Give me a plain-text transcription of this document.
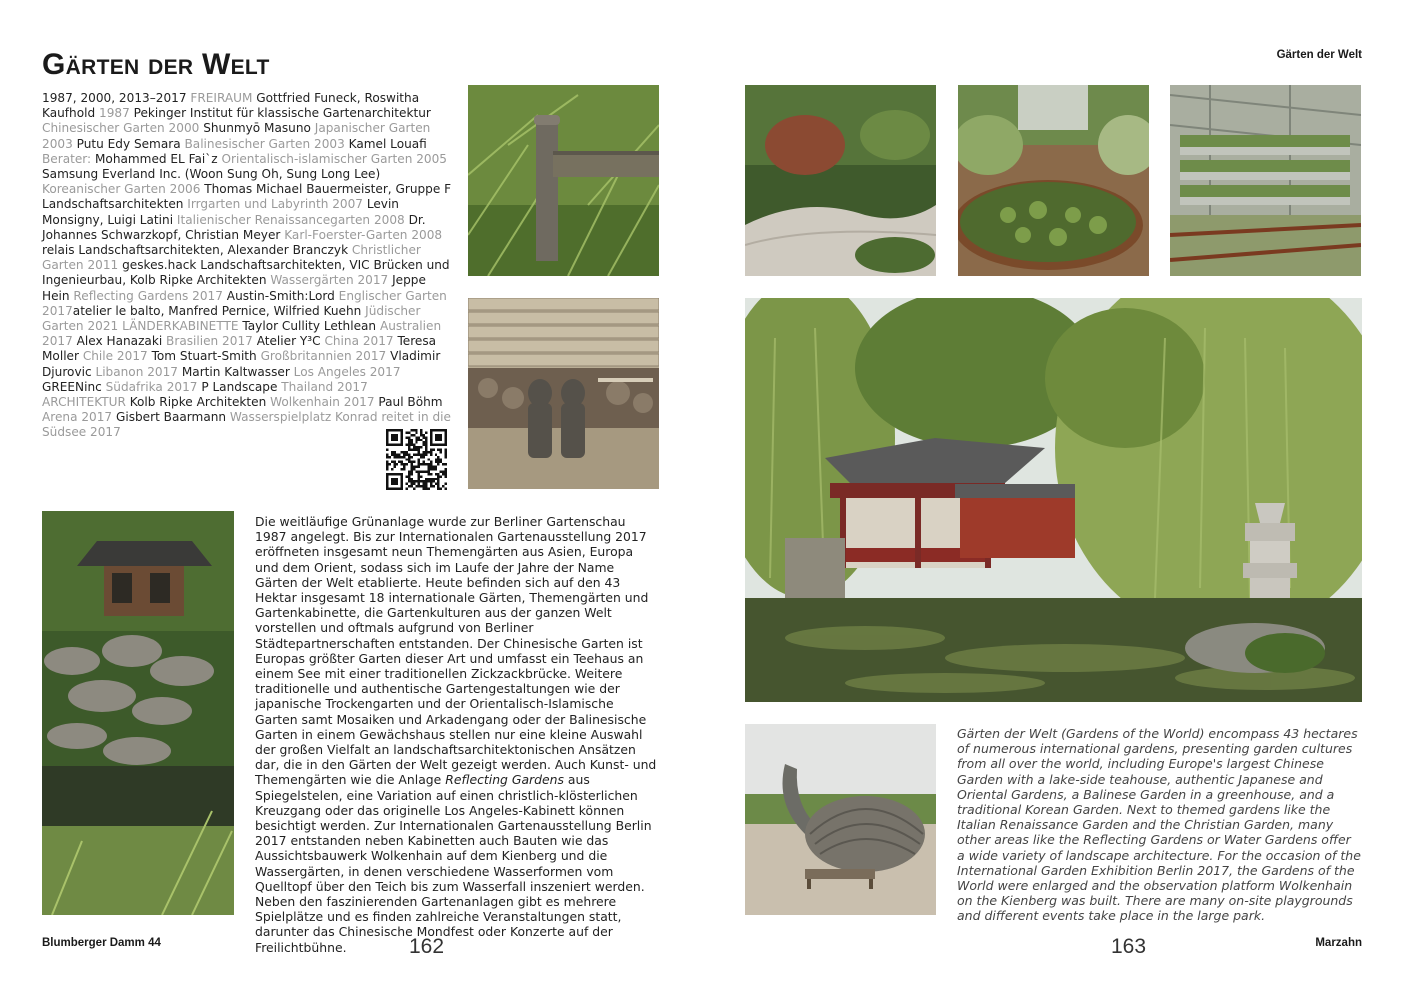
Gärten der Welt

1987, 2000, 2013–2017 FREIRAUM Gottfried Funeck, Roswitha Kaufhold 1987 Pekinger Institut für klassische Gartenarchitektur Chinesischer Garten 2000 Shunmyō Masuno Japanischer Garten 2003 Putu Edy Semara Balinesischer Garten 2003 Kamel Louafi Berater: Mohammed EL Fai`z Orientalisch-islamischer Garten 2005 Samsung Everland Inc. (Woon Sung Oh, Sung Long Lee) Koreanischer Garten 2006 Thomas Michael Bauermeister, Gruppe F Landschaftsarchitekten Irrgarten und Labyrinth 2007 Levin Monsigny, Luigi Latini Italienischer Renaissancegarten 2008 Dr. Johannes Schwarzkopf, Christian Meyer Karl-Foerster-Garten 2008 relais Landschaftsarchitekten, Alexander Branczyk Christlicher Garten 2011 geskes.hack Landschaftsarchitekten, VIC Brücken und Ingenieurbau, Kolb Ripke Architekten Wassergärten 2017 Jeppe Hein Reflecting Gardens 2017 Austin-Smith:Lord Englischer Garten 2017atelier le balto, Manfred Pernice, Wilfried Kuehn Jüdischer Garten 2021 LÄNDERKABINETTE Taylor Cullity Lethlean Australien 2017 Alex Hanazaki Brasilien 2017 Atelier Y³C China 2017 Teresa Moller Chile 2017 Tom Stuart-Smith Großbritannien 2017 Vladimir Djurovic Libanon 2017 Martin Kaltwasser Los Angeles 2017 GREENinc Südafrika 2017 P Landscape Thailand 2017 ARCHITEKTUR Kolb Ripke Architekten Wolkenhain 2017 Paul Böhm Arena 2017 Gisbert Baarmann Wasserspielplatz Konrad reitet in die Südsee 2017

Die weitläufige Grünanlage wurde zur Berliner Gartenschau 1987 angelegt. Bis zur Internationalen Gartenausstellung 2017 eröffneten insgesamt neun Themengärten aus Asien, Europa und dem Orient, sodass sich im Laufe der Jahre der Name Gärten der Welt etablierte. Heute befinden sich auf den 43 Hektar insgesamt 18 internationale Gärten, Themengärten und Gartenkabinette, die Gartenkulturen aus der ganzen Welt vorstellen und oftmals aufgrund von Berliner Städtepartnerschaften entstanden. Der Chinesische Garten ist Europas größter Garten dieser Art und umfasst ein Teehaus an einem See mit einer traditionellen Zickzackbrücke. Weitere traditionelle und authentische Gartengestaltungen wie der japanische Trockengarten und der Orientalisch-Islamische Garten samt Mosaiken und Arkadengang oder der Balinesische Garten in einem Gewächshaus stellen nur eine kleine Auswahl der großen Vielfalt an landschaftsarchitektonischen Ansätzen dar, die in den Gärten der Welt gezeigt werden. Auch Kunst- und Themengärten wie die Anlage Reflecting Gardens aus Spiegelstelen, eine Variation auf einen christlich-klösterlichen Kreuzgang oder das originelle Los Angeles-Kabinett können besichtigt werden. Zur Internationalen Gartenausstellung Berlin 2017 entstanden neben Kabinetten auch Bauten wie das Aussichtsbauwerk Wolkenhain auf dem Kienberg und die Wassergärten, in denen verschiedene Wasserformen vom Quelltopf über den Teich bis zum Wasserfall inszeniert werden. Neben den faszinierenden Gartenanlagen gibt es mehrere Spielplätze und es finden zahlreiche Veranstaltungen statt, darunter das Chinesische Mondfest oder Konzerte auf der Freilichtbühne.

Blumberger Damm 44	162
Gärten der Welt

Gärten der Welt (Gardens of the World) encompass 43 hectares of numerous international gardens, presenting garden cultures from all over the world, including Europe's largest Chinese Garden with a lake-side teahouse, authentic Japanese and Oriental Gardens, a Balinese Garden in a greenhouse, and a traditional Korean Garden. Next to themed gardens like the Italian Renaissance Garden and the Christian Garden, many other areas like the Reflecting Gardens or Water Gardens offer a wide variety of landscape architecture. For the occasion of the International Garden Exhibition Berlin 2017, the Gardens of the World were enlarged and the observation platform Wolkenhain on the Kienberg was built. There are many on-site playgrounds and different events take place in the large park.

163	Marzahn
